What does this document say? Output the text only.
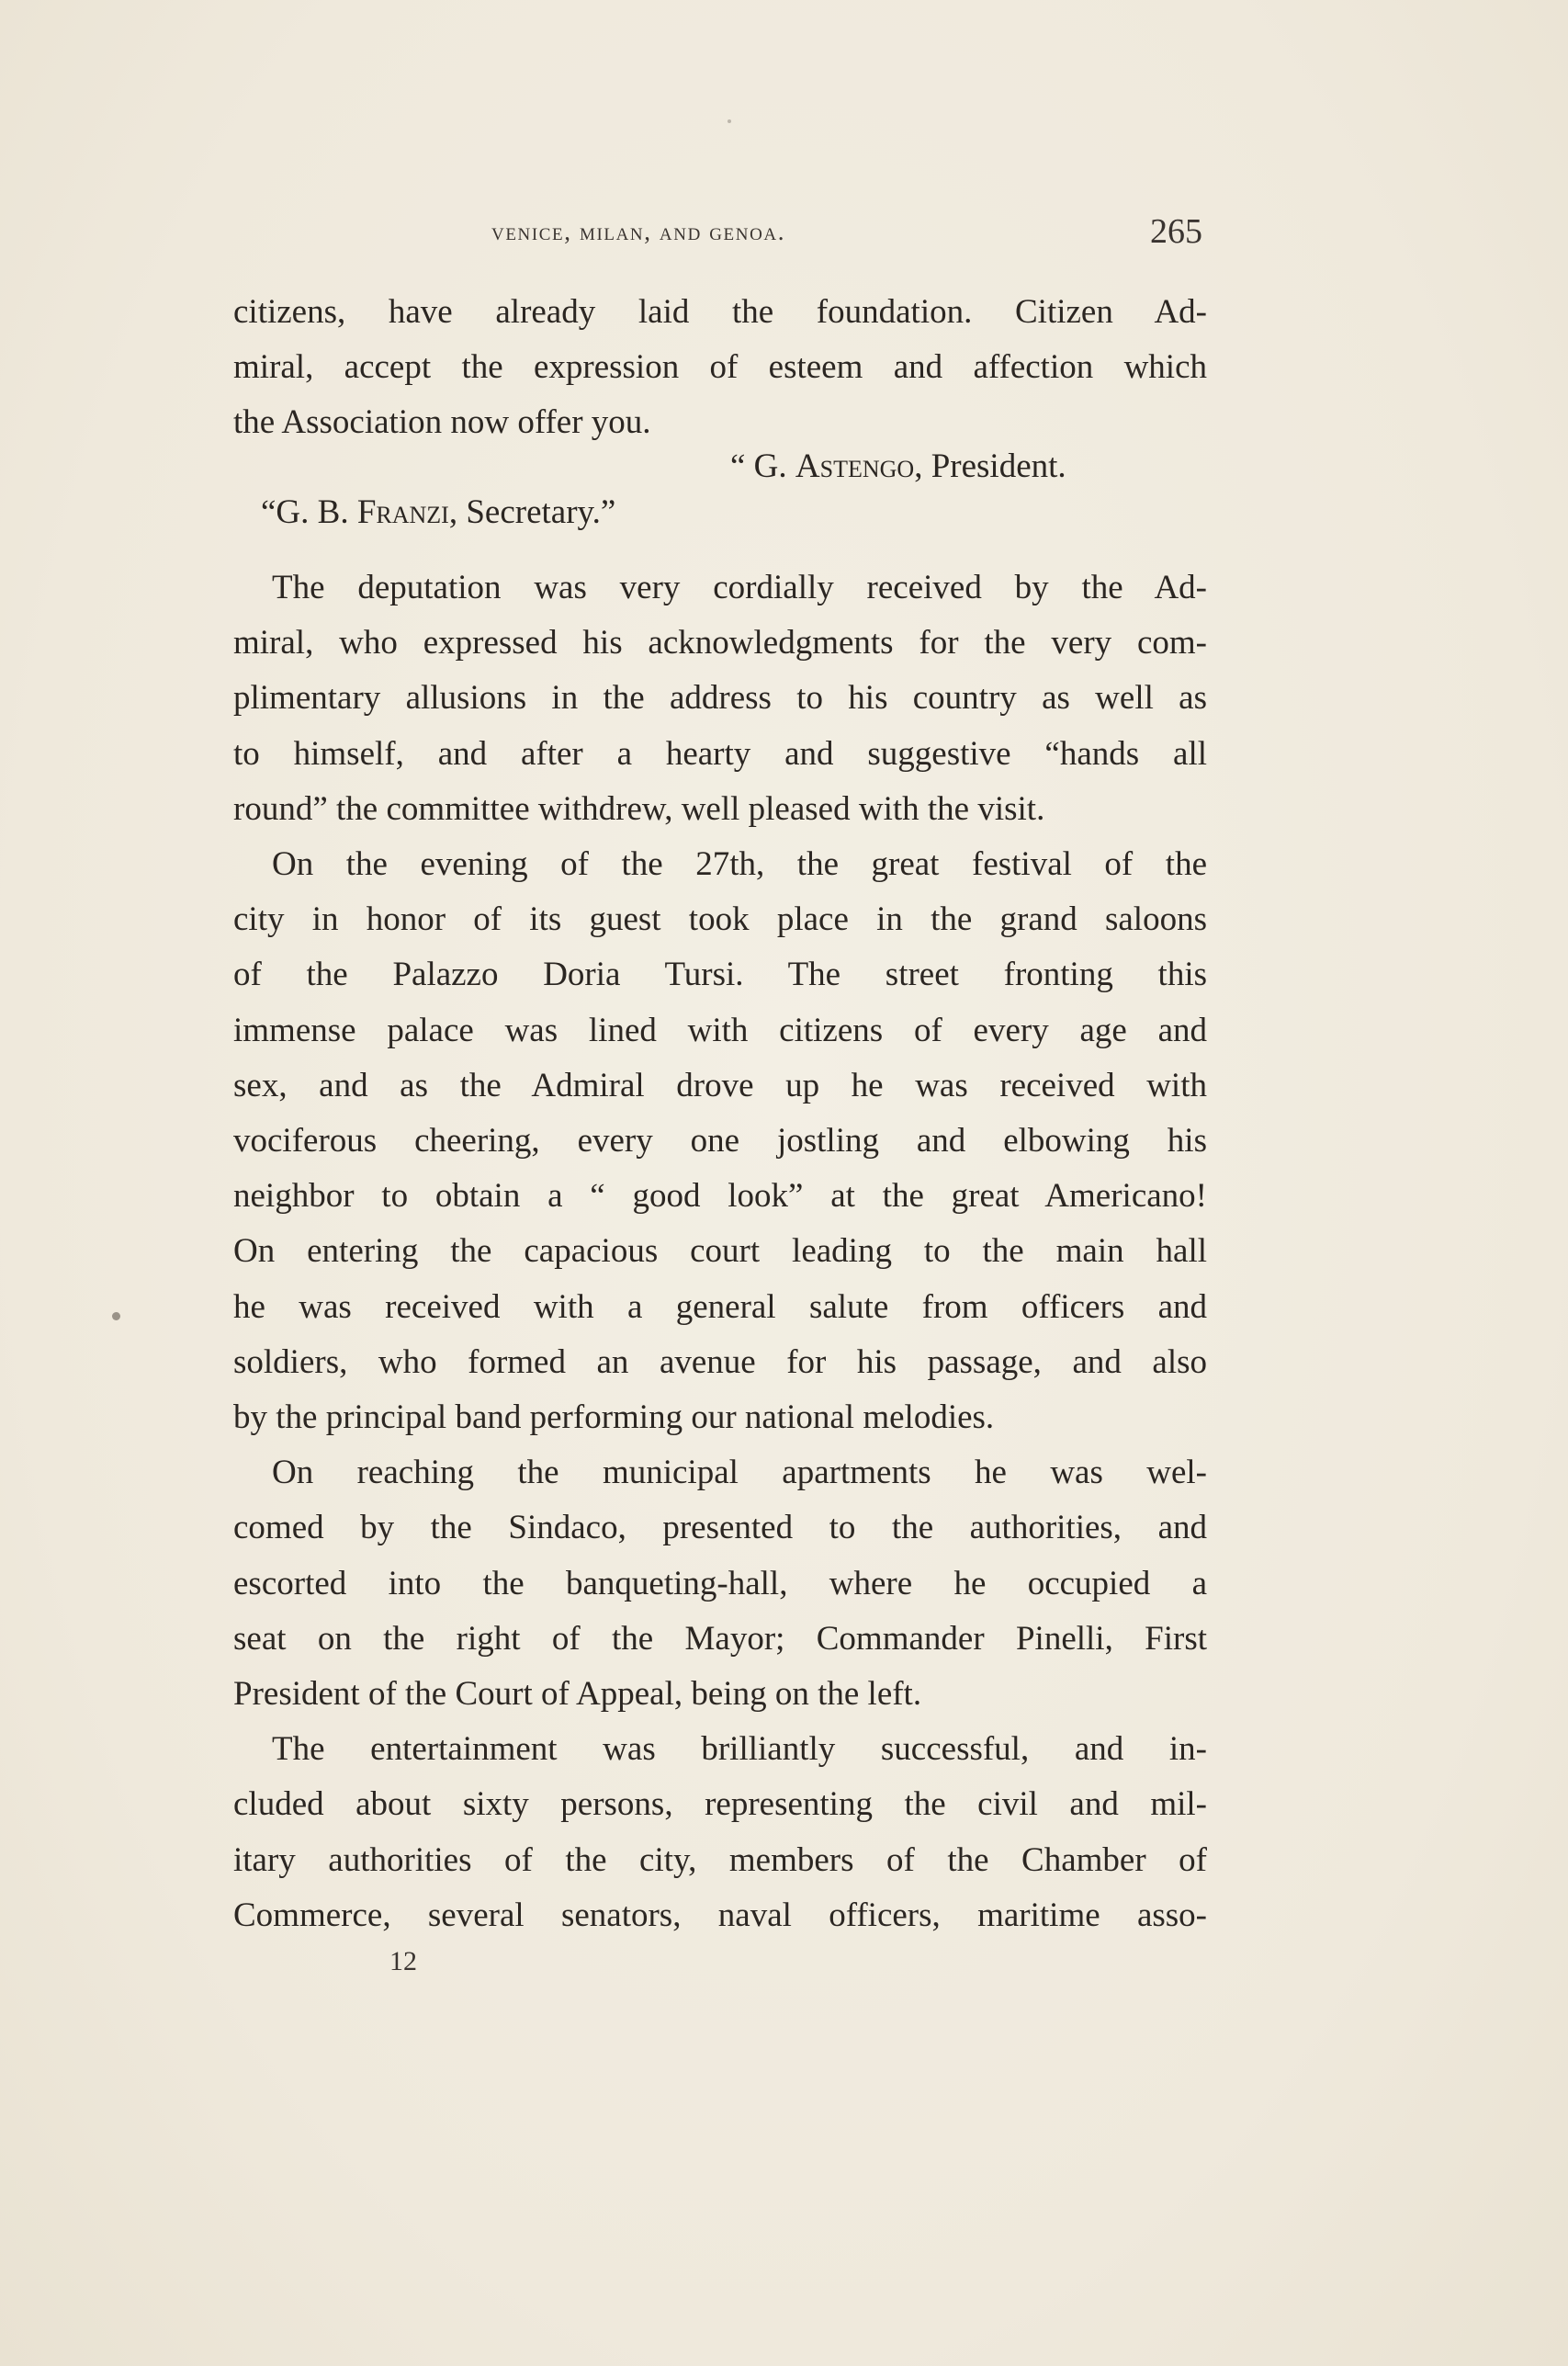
venice, milan, and genoa.	265
citizens, have already laid the foundation. Citizen Ad-
miral, accept the expression of esteem and affection which
the Association now offer you.
“ G. Astengo, President.
“G. B. Franzi, Secretary.”
The deputation was very cordially received by the Ad-
miral, who expressed his acknowledgments for the very com-
plimentary allusions in the address to his country as well as
to himself, and after a hearty and suggestive “hands all
round” the committee withdrew, well pleased with the visit.
On the evening of the 27th, the great festival of the
city in honor of its guest took place in the grand saloons
of the Palazzo Doria Tursi. The street fronting this
immense palace was lined with citizens of every age and
sex, and as the Admiral drove up he was received with
vociferous cheering, every one jostling and elbowing his
neighbor to obtain a “ good look” at the great Americano!
On entering the capacious court leading to the main hall
he was received with a general salute from officers and
soldiers, who formed an avenue for his passage, and also
by the principal band performing our national melodies.
On reaching the municipal apartments he was wel-
comed by the Sindaco, presented to the authorities, and
escorted into the banqueting-hall, where he occupied a
seat on the right of the Mayor; Commander Pinelli, First
President of the Court of Appeal, being on the left.
The entertainment was brilliantly successful, and in-
cluded about sixty persons, representing the civil and mil-
itary authorities of the city, members of the Chamber of
Commerce, several senators, naval officers, maritime asso-
12
